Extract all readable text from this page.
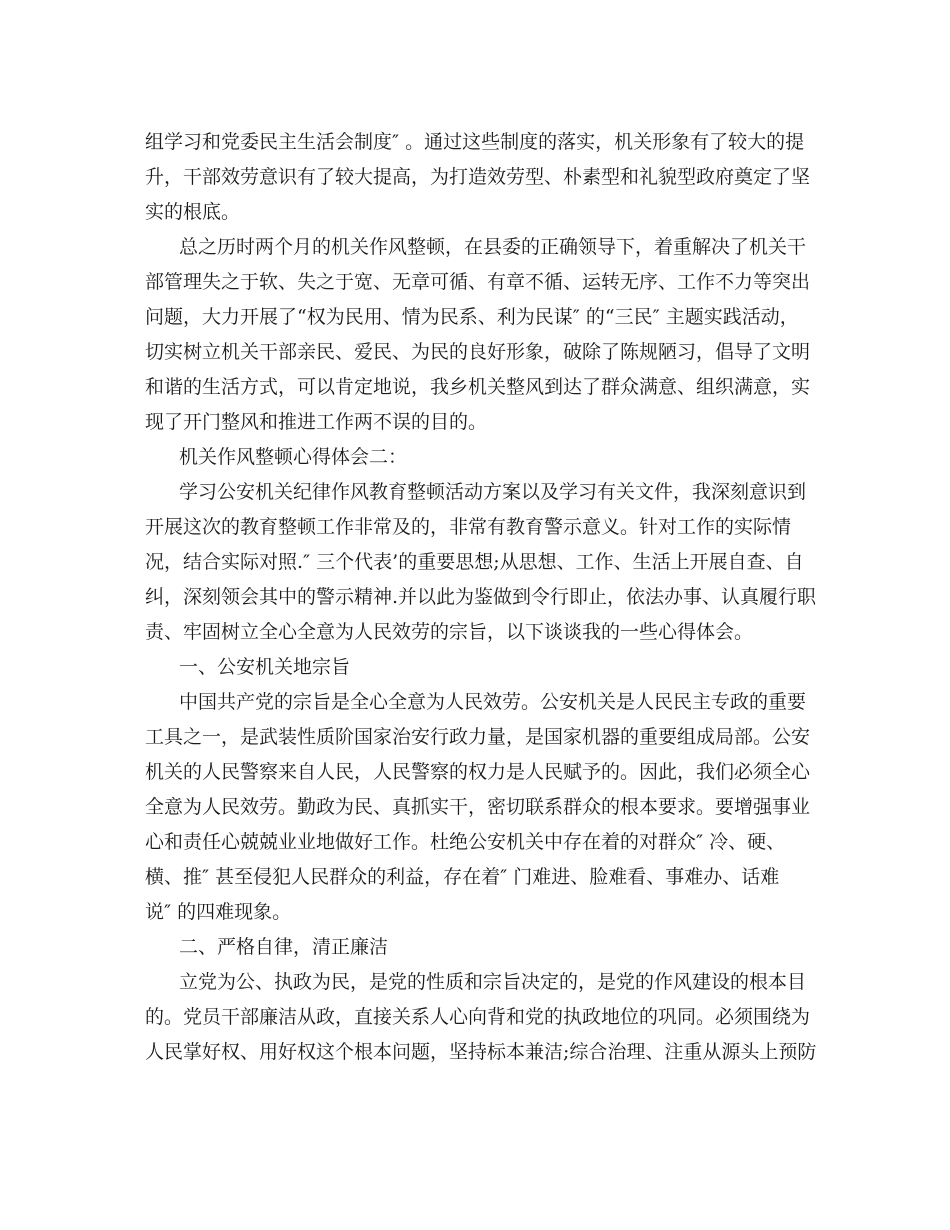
组学习和党委民主生活会制度″ 。通过这些制度的落实，机关形象有了较大的提
升，干部效劳意识有了较大提高，为打造效劳型、朴素型和礼貌型政府奠定了坚
实的根底。
总之历时两个月的机关作风整顿，在县委的正确领导下，着重解决了机关干
部管理失之于软、失之于宽、无章可循、有章不循、运转无序、工作不力等突出
问题，大力开展了“权为民用、情为民系、利为民谋″ 的“三民″ 主题实践活动，
切实树立机关干部亲民、爱民、为民的良好形象，破除了陈规陋习，倡导了文明
和谐的生活方式，可以肯定地说，我乡机关整风到达了群众满意、组织满意，实
现了开门整风和推进工作两不误的目的。
机关作风整顿心得体会二：
学习公安机关纪律作风教育整顿活动方案以及学习有关文件，我深刻意识到
开展这次的教育整顿工作非常及的，非常有教育警示意义。针对工作的实际情
况，结合实际对照.″ 三个代表’的重要思想;从思想、工作、生活上开展自查、自
纠，深刻领会其中的警示精神.并以此为鉴做到令行即止，依法办事、认真履行职
责、牢固树立全心全意为人民效劳的宗旨，以下谈谈我的一些心得体会。
一、公安机关地宗旨
中国共产党的宗旨是全心全意为人民效劳。公安机关是人民民主专政的重要
工具之一，是武装性质阶国家治安行政力量，是国家机器的重要组成局部。公安
机关的人民警察来自人民，人民警察的权力是人民赋予的。因此，我们必须全心
全意为人民效劳。勤政为民、真抓实干，密切联系群众的根本要求。要增强事业
心和责任心兢兢业业地做好工作。杜绝公安机关中存在着的对群众″ 冷、硬、
横、推″ 甚至侵犯人民群众的利益，存在着″ 门难进、脸难看、事难办、话难
说″ 的四难现象。
二、严格自律，清正廉洁
立党为公、执政为民，是党的性质和宗旨决定的，是党的作风建设的根本目
的。党员干部廉洁从政，直接关系人心向背和党的执政地位的巩同。必须围绕为
人民掌好权、用好权这个根本问题，坚持标本兼洁;综合治理、注重从源头上预防
